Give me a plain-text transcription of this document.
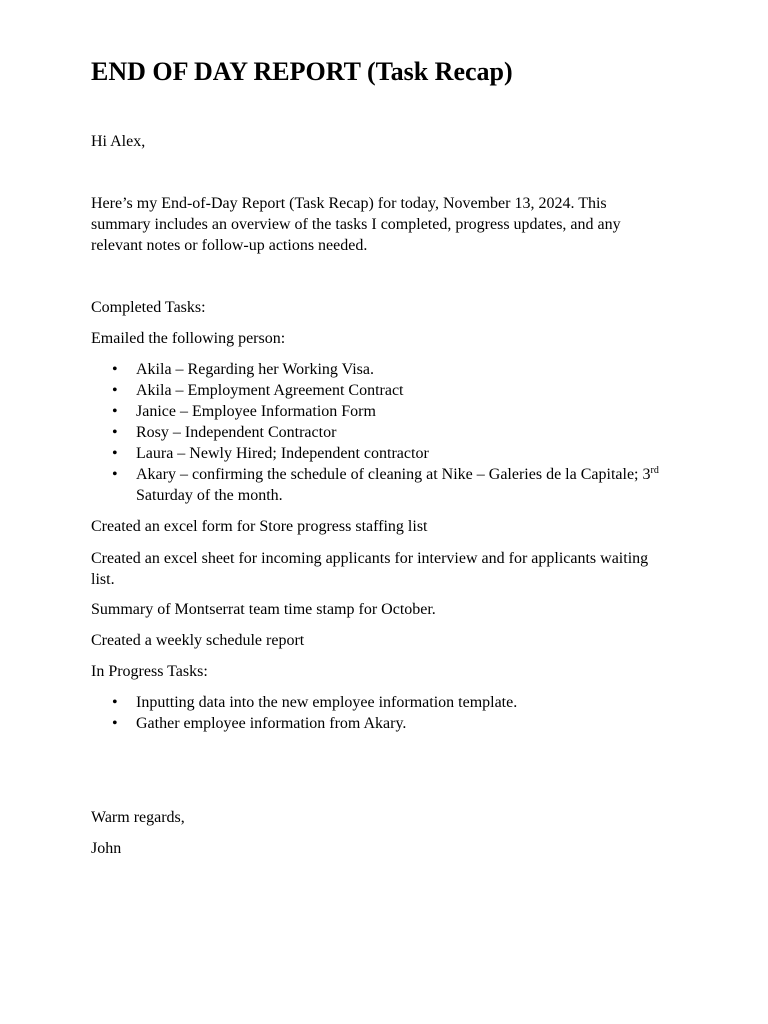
END OF DAY REPORT (Task Recap)

Hi Alex,

Here’s my End-of-Day Report (Task Recap) for today, November 13, 2024. This summary includes an overview of the tasks I completed, progress updates, and any relevant notes or follow-up actions needed.

Completed Tasks:

Emailed the following person:

• Akila – Regarding her Working Visa.
• Akila – Employment Agreement Contract
• Janice – Employee Information Form
• Rosy – Independent Contractor
• Laura – Newly Hired; Independent contractor
• Akary – confirming the schedule of cleaning at Nike – Galeries de la Capitale; 3rd Saturday of the month.

Created an excel form for Store progress staffing list

Created an excel sheet for incoming applicants for interview and for applicants waiting list.

Summary of Montserrat team time stamp for October.

Created a weekly schedule report

In Progress Tasks:

• Inputting data into the new employee information template.
• Gather employee information from Akary.

Warm regards,

John
